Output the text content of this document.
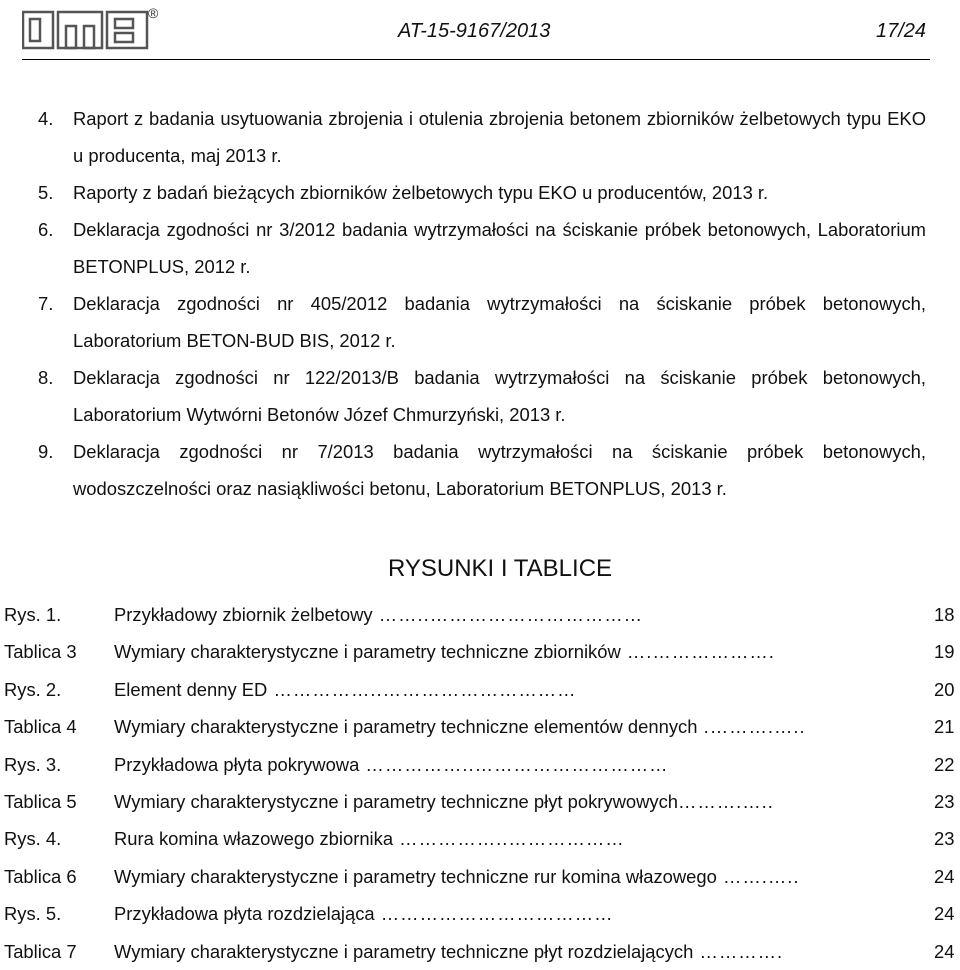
®
AT-15-9167/2013	17/24
4.	Raport z badania usytuowania zbrojenia i otulenia zbrojenia betonem zbiorników żelbetowych typu EKO u producenta, maj 2013 r.
5.	Raporty z badań bieżących zbiorników żelbetowych typu EKO u producentów, 2013 r.
6.	Deklaracja zgodności nr 3/2012 badania wytrzymałości na ściskanie próbek betonowych, Laboratorium BETONPLUS, 2012 r.
7.	Deklaracja zgodności nr 405/2012 badania wytrzymałości na ściskanie próbek betonowych, Laboratorium BETON-BUD BIS, 2012 r.
8.	Deklaracja zgodności nr 122/2013/B badania wytrzymałości na ściskanie próbek betonowych, Laboratorium Wytwórni Betonów Józef Chmurzyński, 2013 r.
9.	Deklaracja zgodności nr 7/2013 badania wytrzymałości na ściskanie próbek betonowych, wodoszczelności oraz nasiąkliwości betonu, Laboratorium BETONPLUS, 2013 r.
RYSUNKI I TABLICE
Rys. 1.	Przykładowy zbiornik żelbetowy ……..……………………………	18
Tablica 3 Wymiary charakterystyczne i parametry techniczne zbiorników ….……………….	19
Rys. 2.	Element denny ED ……………..…………………………	20
Tablica 4 Wymiary charakterystyczne i parametry techniczne elementów dennych .……….…..	21
Rys. 3.	Przykładowa płyta pokrywowa ……………..…………………………	22
Tablica 5 Wymiary charakterystyczne i parametry techniczne płyt pokrywowych……….…..	23
Rys. 4.	Rura komina włazowego zbiornika ……………..………………	23
Tablica 6 Wymiary charakterystyczne i parametry techniczne rur komina włazowego …….…..	24
Rys. 5.	Przykładowa płyta rozdzielająca ………………………………	24
Tablica 7 Wymiary charakterystyczne i parametry techniczne płyt rozdzielających ………….	24
